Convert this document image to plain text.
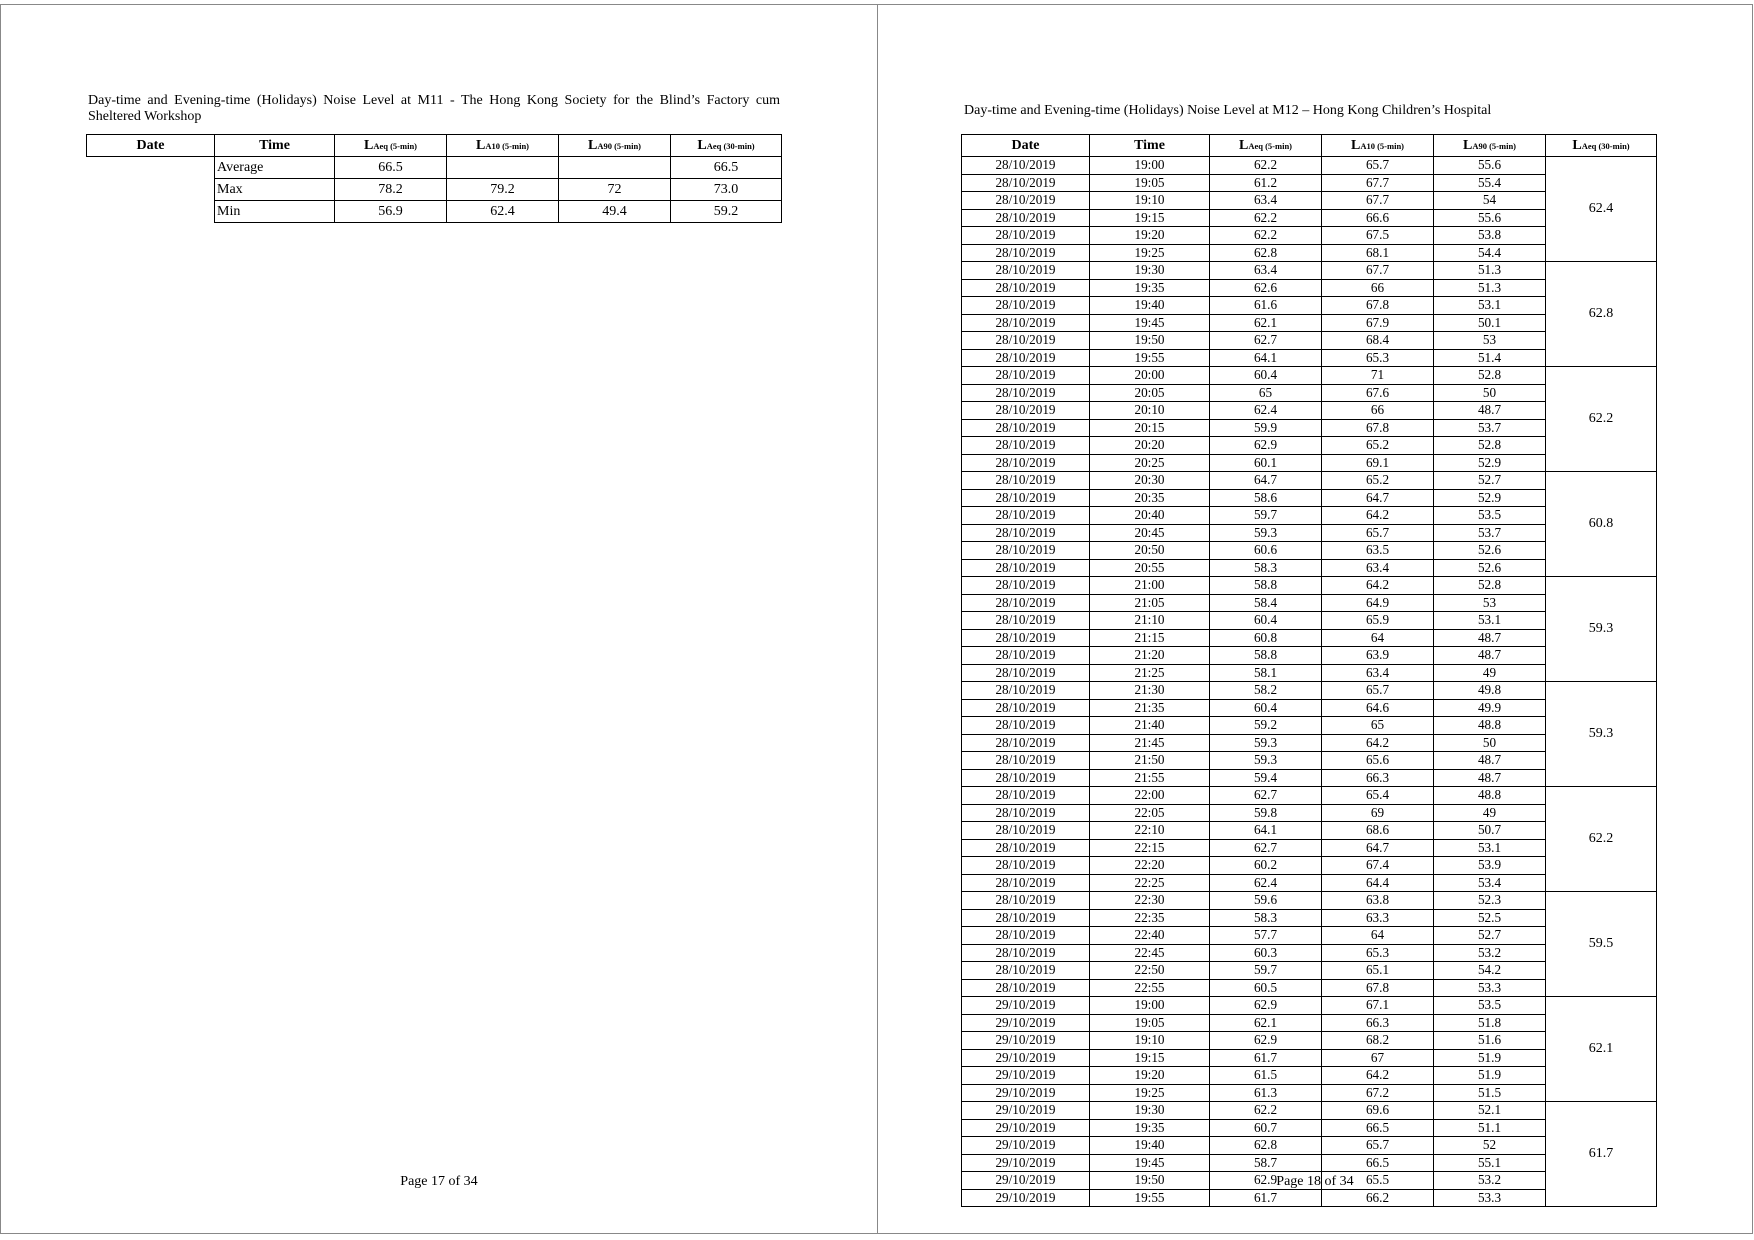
Day-time and Evening-time (Holidays) Noise Level at M11 - The Hong Kong Society for the Blind’s Factory cum Sheltered Workshop
Date	Time	LAeq (5-min)	LA10 (5-min)	LA90 (5-min)	LAeq (30-min)
	Average	66.5			66.5
	Max	78.2	79.2	72	73.0
	Min	56.9	62.4	49.4	59.2
Page 17 of 34
Day-time and Evening-time (Holidays) Noise Level at M12 – Hong Kong Children’s Hospital
Date	Time	LAeq (5-min)	LA10 (5-min)	LA90 (5-min)	LAeq (30-min)
28/10/2019	19:00	62.2	65.7	55.6	62.4
28/10/2019	19:05	61.2	67.7	55.4	
28/10/2019	19:10	63.4	67.7	54	
28/10/2019	19:15	62.2	66.6	55.6	
28/10/2019	19:20	62.2	67.5	53.8	
28/10/2019	19:25	62.8	68.1	54.4	
28/10/2019	19:30	63.4	67.7	51.3	62.8
28/10/2019	19:35	62.6	66	51.3	
28/10/2019	19:40	61.6	67.8	53.1	
28/10/2019	19:45	62.1	67.9	50.1	
28/10/2019	19:50	62.7	68.4	53	
28/10/2019	19:55	64.1	65.3	51.4	
28/10/2019	20:00	60.4	71	52.8	62.2
28/10/2019	20:05	65	67.6	50	
28/10/2019	20:10	62.4	66	48.7	
28/10/2019	20:15	59.9	67.8	53.7	
28/10/2019	20:20	62.9	65.2	52.8	
28/10/2019	20:25	60.1	69.1	52.9	
28/10/2019	20:30	64.7	65.2	52.7	60.8
28/10/2019	20:35	58.6	64.7	52.9	
28/10/2019	20:40	59.7	64.2	53.5	
28/10/2019	20:45	59.3	65.7	53.7	
28/10/2019	20:50	60.6	63.5	52.6	
28/10/2019	20:55	58.3	63.4	52.6	
28/10/2019	21:00	58.8	64.2	52.8	59.3
28/10/2019	21:05	58.4	64.9	53	
28/10/2019	21:10	60.4	65.9	53.1	
28/10/2019	21:15	60.8	64	48.7	
28/10/2019	21:20	58.8	63.9	48.7	
28/10/2019	21:25	58.1	63.4	49	
28/10/2019	21:30	58.2	65.7	49.8	59.3
28/10/2019	21:35	60.4	64.6	49.9	
28/10/2019	21:40	59.2	65	48.8	
28/10/2019	21:45	59.3	64.2	50	
28/10/2019	21:50	59.3	65.6	48.7	
28/10/2019	21:55	59.4	66.3	48.7	
28/10/2019	22:00	62.7	65.4	48.8	62.2
28/10/2019	22:05	59.8	69	49	
28/10/2019	22:10	64.1	68.6	50.7	
28/10/2019	22:15	62.7	64.7	53.1	
28/10/2019	22:20	60.2	67.4	53.9	
28/10/2019	22:25	62.4	64.4	53.4	
28/10/2019	22:30	59.6	63.8	52.3	59.5
28/10/2019	22:35	58.3	63.3	52.5	
28/10/2019	22:40	57.7	64	52.7	
28/10/2019	22:45	60.3	65.3	53.2	
28/10/2019	22:50	59.7	65.1	54.2	
28/10/2019	22:55	60.5	67.8	53.3	
29/10/2019	19:00	62.9	67.1	53.5	62.1
29/10/2019	19:05	62.1	66.3	51.8	
29/10/2019	19:10	62.9	68.2	51.6	
29/10/2019	19:15	61.7	67	51.9	
29/10/2019	19:20	61.5	64.2	51.9	
29/10/2019	19:25	61.3	67.2	51.5	
29/10/2019	19:30	62.2	69.6	52.1	61.7
29/10/2019	19:35	60.7	66.5	51.1	
29/10/2019	19:40	62.8	65.7	52	
29/10/2019	19:45	58.7	66.5	55.1	
29/10/2019	19:50	62.9	65.5	53.2	
29/10/2019	19:55	61.7	66.2	53.3	
Page 18 of 34
